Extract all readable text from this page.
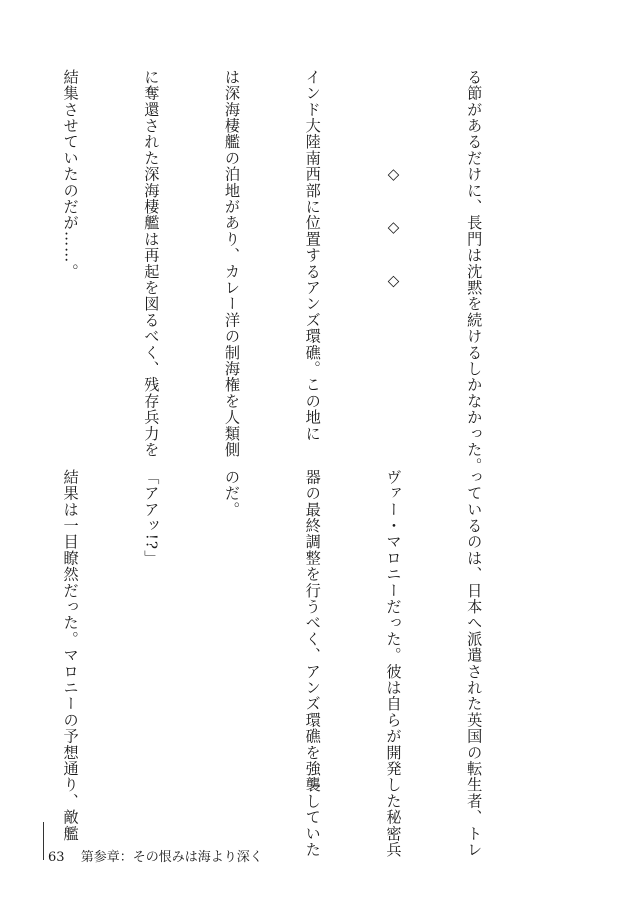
る節があるだけに、長門は沈黙を続けるしかなかった。

◇　◇　◇

インド大陸南西部に位置するアンズ環礁。この地に

は深海棲艦の泊地があり、カレー洋の制海権を人類側

に奪還された深海棲艦は再起を図るべく、残存兵力を

結集させていたのだが……。

っているのは、日本へ派遣された英国の転生者、トレ

ヴァー・マロニーだった。彼は自らが開発した秘密兵

器の最終調整を行うべく、アンズ環礁を強襲していた

のだ。

「アアッ!?」

結果は一目瞭然だった。マロニーの予想通り、敵艦

63 第参章：その恨みは海より深く
